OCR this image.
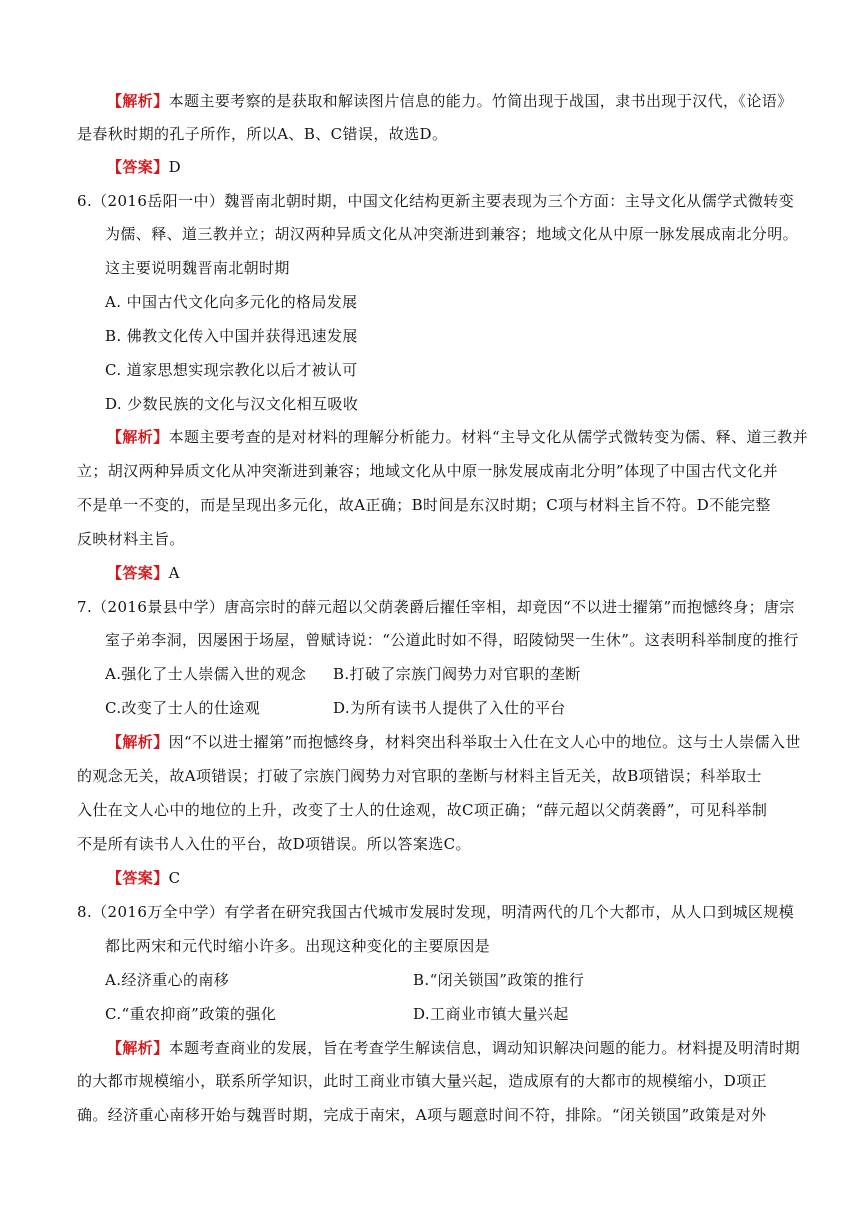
【解析】本题主要考察的是获取和解读图片信息的能力。竹简出现于战国，隶书出现于汉代，《论语》
是春秋时期的孔子所作，所以A、B、C错误，故选D。
【答案】D
6.（2016岳阳一中）魏晋南北朝时期，中国文化结构更新主要表现为三个方面：主导文化从儒学式微转变
为儒、释、道三教并立；胡汉两种异质文化从冲突渐进到兼容；地域文化从中原一脉发展成南北分明。
这主要说明魏晋南北朝时期
A. 中国古代文化向多元化的格局发展
B. 佛教文化传入中国并获得迅速发展
C. 道家思想实现宗教化以后才被认可
D. 少数民族的文化与汉文化相互吸收
【解析】本题主要考查的是对材料的理解分析能力。材料“主导文化从儒学式微转变为儒、释、道三教并
立；胡汉两种异质文化从冲突渐进到兼容；地域文化从中原一脉发展成南北分明”体现了中国古代文化并
不是单一不变的，而是呈现出多元化，故A正确；B时间是东汉时期；C项与材料主旨不符。D不能完整
反映材料主旨。
【答案】A
7.（2016景县中学）唐高宗时的薛元超以父荫袭爵后擢任宰相，却竟因“不以进士擢第”而抱憾终身；唐宗
室子弟李洞，因屡困于场屋，曾赋诗说：“公道此时如不得，昭陵恸哭一生休”。这表明科举制度的推行
A.强化了士人崇儒入世的观念 B.打破了宗族门阀势力对官职的垄断
C.改变了士人的仕途观	D.为所有读书人提供了入仕的平台
【解析】因“不以进士擢第”而抱憾终身，材料突出科举取士入仕在文人心中的地位。这与士人崇儒入世
的观念无关，故A项错误；打破了宗族门阀势力对官职的垄断与材料主旨无关，故B项错误；科举取士
入仕在文人心中的地位的上升，改变了士人的仕途观，故C项正确；“薛元超以父荫袭爵”，可见科举制
不是所有读书人入仕的平台，故D项错误。所以答案选C。
【答案】C
8.（2016万全中学）有学者在研究我国古代城市发展时发现，明清两代的几个大都市，从人口到城区规模
都比两宋和元代时缩小许多。出现这种变化的主要原因是
A.经济重心的南移	B.“闭关锁国”政策的推行
C.“重农抑商”政策的强化	D.工商业市镇大量兴起
【解析】本题考查商业的发展，旨在考查学生解读信息，调动知识解决问题的能力。材料提及明清时期
的大都市规模缩小，联系所学知识，此时工商业市镇大量兴起，造成原有的大都市的规模缩小，D项正
确。经济重心南移开始与魏晋时期，完成于南宋，A项与题意时间不符，排除。“闭关锁国”政策是对外
